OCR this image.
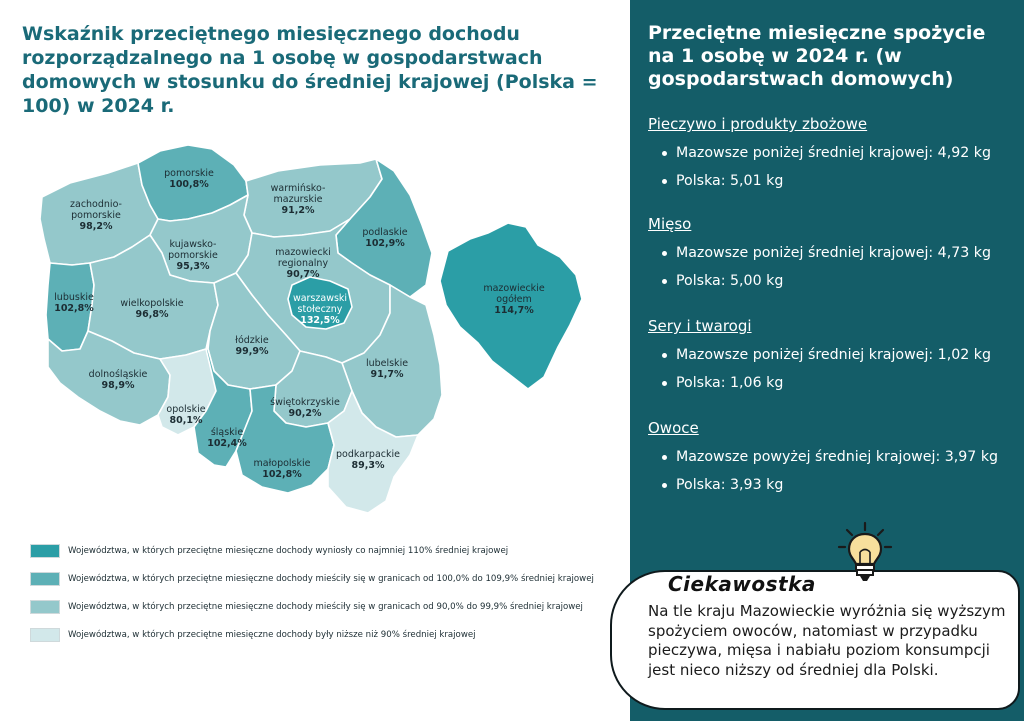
Wskaźnik przeciętnego miesięcznego dochodu rozporządzalnego na 1 osobę w gospodarstwach domowych w stosunku do średniej krajowej (Polska = 100) w 2024 r.
pomorskie
100,8%
zachodnio-
pomorskie
98,2%
warmińsko-
mazurskie
91,2%
podlaskie
102,9%
kujawsko-
pomorskie
95,3%
mazowiecki
regionalny
90,7%
lubuskie
102,8%	wielkopolskie
96,8%
warszawski
stołeczny
132,5%
łódzkie
99,9%
lubelskie
91,7%
dolnośląskie
98,9%
opolskie
80,1%
śląskie
102,4%
świętokrzyskie
90,2%
małopolskie
102,8%
podkarpackie
89,3%
mazowieckie
ogółem
114,7%
Województwa, w których przeciętne miesięczne dochody wyniosły co najmniej 110% średniej krajowej
Województwa, w których przeciętne miesięczne dochody mieściły się w granicach od 100,0% do 109,9% średniej krajowej
Województwa, w których przeciętne miesięczne dochody mieściły się w granicach od 90,0% do 99,9% średniej krajowej
Województwa, w których przeciętne miesięczne dochody były niższe niż 90% średniej krajowej
Przeciętne miesięczne spożycie na 1 osobę w 2024 r. (w gospodarstwach domowych)
Pieczywo i produkty zbożowe
Mazowsze poniżej średniej krajowej: 4,92 kg
Polska: 5,01 kg
Mięso
Mazowsze poniżej średniej krajowej: 4,73 kg
Polska: 5,00 kg
Sery i twarogi
Mazowsze poniżej średniej krajowej: 1,02 kg
Polska: 1,06 kg
Owoce
Mazowsze powyżej średniej krajowej: 3,97 kg
Polska: 3,93 kg
Ciekawostka
Na tle kraju Mazowieckie wyróżnia się wyższym spożyciem owoców, natomiast w przypadku pieczywa, mięsa i nabiału poziom konsumpcji jest nieco niższy od średniej dla Polski.
